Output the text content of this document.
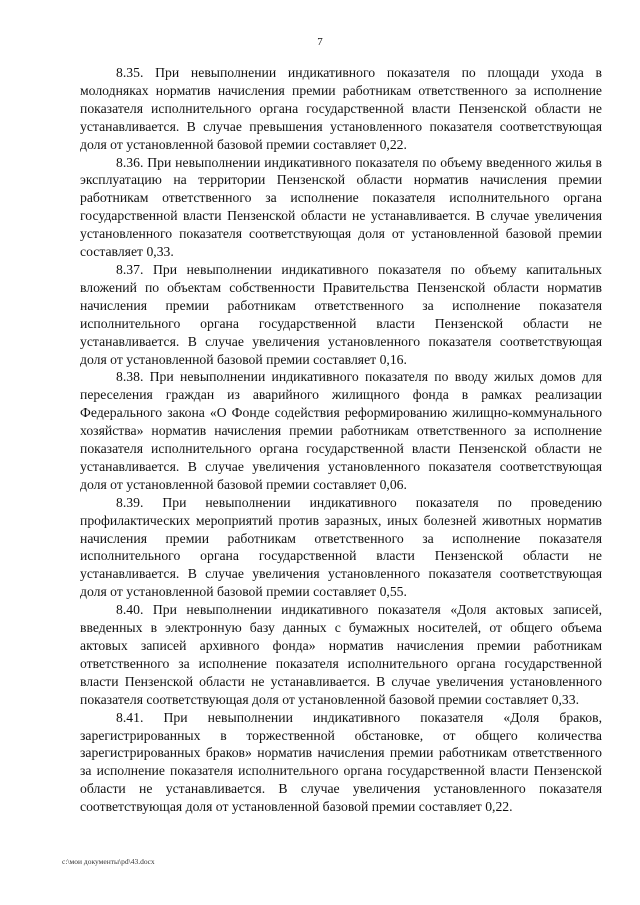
7

8.35. При невыполнении индикативного показателя по площади ухода в молодняках норматив начисления премии работникам ответственного за исполнение показателя исполнительного органа государственной власти Пензенской области не устанавливается. В случае превышения установленного показателя соответствующая доля от установленной базовой премии составляет 0,22.

8.36. При невыполнении индикативного показателя по объему введенного жилья в эксплуатацию на территории Пензенской области норматив начисления премии работникам ответственного за исполнение показателя исполнительного органа государственной власти Пензенской области не устанавливается. В случае увеличения установленного показателя соответствующая доля от установленной базовой премии составляет 0,33.

8.37. При невыполнении индикативного показателя по объему капитальных вложений по объектам собственности Правительства Пензенской области норматив начисления премии работникам ответственного за исполнение показателя исполнительного органа государственной власти Пензенской области не устанавливается. В случае увеличения установленного показателя соответствующая доля от установленной базовой премии составляет 0,16.

8.38. При невыполнении индикативного показателя по вводу жилых домов для переселения граждан из аварийного жилищного фонда в рамках реализации Федерального закона «О Фонде содействия реформированию жилищно-коммунального хозяйства» норматив начисления премии работникам ответственного за исполнение показателя исполнительного органа государственной власти Пензенской области не устанавливается. В случае увеличения установленного показателя соответствующая доля от установленной базовой премии составляет 0,06.

8.39. При невыполнении индикативного показателя по проведению профилактических мероприятий против заразных, иных болезней животных норматив начисления премии работникам ответственного за исполнение показателя исполнительного органа государственной власти Пензенской области не устанавливается. В случае увеличения установленного показателя соответствующая доля от установленной базовой премии составляет 0,55.

8.40. При невыполнении индикативного показателя «Доля актовых записей, введенных в электронную базу данных с бумажных носителей, от общего объема актовых записей архивного фонда» норматив начисления премии работникам ответственного за исполнение показателя исполнительного органа государственной власти Пензенской области не устанавливается. В случае увеличения установленного показателя соответствующая доля от установленной базовой премии составляет 0,33.

8.41. При невыполнении индикативного показателя «Доля браков, зарегистрированных в торжественной обстановке, от общего количества зарегистрированных браков» норматив начисления премии работникам ответственного за исполнение показателя исполнительного органа государственной власти Пензенской области не устанавливается. В случае увеличения установленного показателя соответствующая доля от установленной базовой премии составляет 0,22.

c:\мои документы\pd\43.docx
